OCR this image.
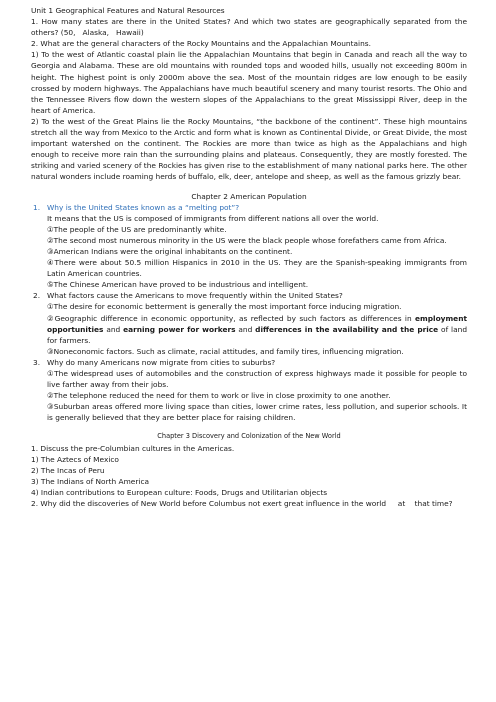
Unit 1 Geographical Features and Natural Resources

1. How many states are there in the United States? And which two states are geographically separated from the others? (50,   Alaska,   Hawaii)

2. What are the general characters of the Rocky Mountains and the Appalachian Mountains.

1) To the west of Atlantic coastal plain lie the Appalachian Mountains that begin in Canada and reach all the way to Georgia and Alabama. These are old mountains with rounded tops and wooded hills, usually not exceeding 800m in height. The highest point is only 2000m above the sea. Most of the mountain ridges are low enough to be easily crossed by modern highways. The Appalachians have much beautiful scenery and many tourist resorts. The Ohio and the Tennessee Rivers flow down the western slopes of the Appalachians to the great Mississippi River, deep in the heart of America.

2) To the west of the Great Plains lie the Rocky Mountains, “the backbone of the continent”. These high mountains stretch all the way from Mexico to the Arctic and form what is known as Continental Divide, or Great Divide, the most important watershed on the continent. The Rockies are more than twice as high as the Appalachians and high enough to receive more rain than the surrounding plains and plateaus. Consequently, they are mostly forested. The striking and varied scenery of the Rockies has given rise to the establishment of many national parks here. The other natural wonders include roaming herds of buffalo, elk, deer, antelope and sheep, as well as the famous grizzly bear.

Chapter 2 American Population

1. Why is the United States known as a “melting pot”?

It means that the US is composed of immigrants from different nations all over the world.

①The people of the US are predominantly white.

②The second most numerous minority in the US were the black people whose forefathers came from Africa.

③American Indians were the original inhabitants on the continent.

④There were about 50.5 million Hispanics in 2010 in the US. They are the Spanish-speaking immigrants from Latin American countries.

⑤The Chinese American have proved to be industrious and intelligent.

2. What factors cause the Americans to move frequently within the United States?

①The desire for economic betterment is generally the most important force inducing migration.

②Geographic difference in economic opportunity, as reflected by such factors as differences in employment opportunities and earning power for workers and differences in the availability and the price of land for farmers.

③Noneconomic factors. Such as climate, racial attitudes, and family tires, influencing migration.

3. Why do many Americans now migrate from cities to suburbs?

①The widespread uses of automobiles and the construction of express highways made it possible for people to live farther away from their jobs.

②The telephone reduced the need for them to work or live in close proximity to one another.

③Suburban areas offered more living space than cities, lower crime rates, less pollution, and superior schools. It is generally believed that they are better place for raising children.

Chapter 3 Discovery and Colonization of the New World

1. Discuss the pre-Columbian cultures in the Americas.

1) The Aztecs of Mexico

2) The Incas of Peru

3) The Indians of North America

4) Indian contributions to European culture: Foods, Drugs and Utilitarian objects

2. Why did the discoveries of New World before Columbus not exert great influence in the world     at    that time?
